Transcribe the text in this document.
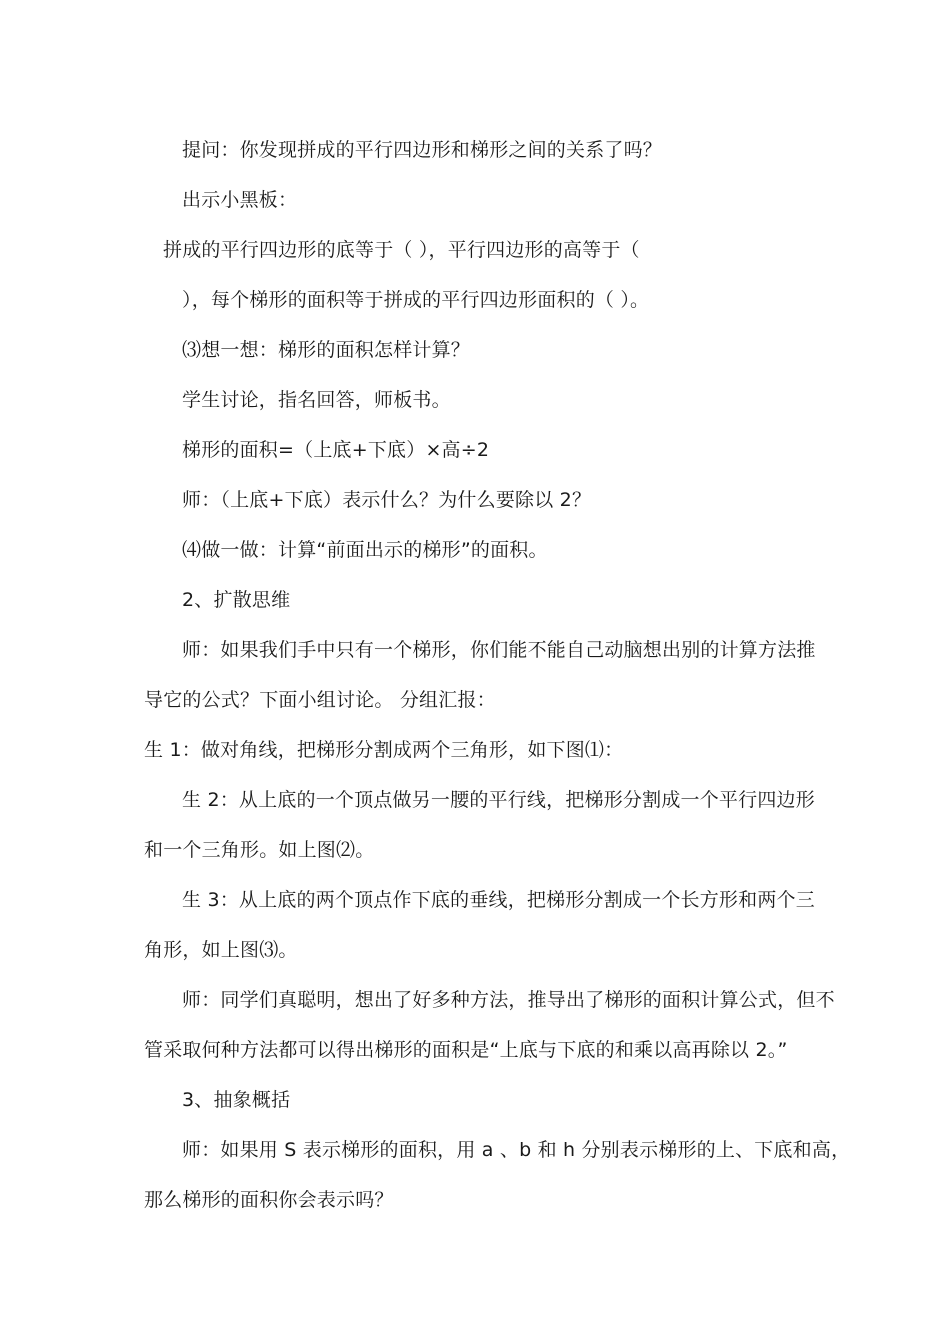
提问：你发现拼成的平行四边形和梯形之间的关系了吗？
出示小黑板：
拼成的平行四边形的底等于（ ），平行四边形的高等于（
），每个梯形的面积等于拼成的平行四边形面积的（ ）。
⑶想一想：梯形的面积怎样计算？
学生讨论，指名回答，师板书。
梯形的面积=（上底+下底）×高÷2
师：（上底+下底）表示什么？为什么要除以 2？
⑷做一做：计算“前面出示的梯形”的面积。
2、扩散思维
师：如果我们手中只有一个梯形，你们能不能自己动脑想出别的计算方法推
导它的公式？下面小组讨论。 分组汇报：
生 1：做对角线，把梯形分割成两个三角形，如下图⑴：
生 2：从上底的一个顶点做另一腰的平行线，把梯形分割成一个平行四边形
和一个三角形。如上图⑵。
生 3：从上底的两个顶点作下底的垂线，把梯形分割成一个长方形和两个三
角形，如上图⑶。
师：同学们真聪明，想出了好多种方法，推导出了梯形的面积计算公式，但不
管采取何种方法都可以得出梯形的面积是“上底与下底的和乘以高再除以 2。”
3、抽象概括
师：如果用 S 表示梯形的面积，用 a 、b 和 h 分别表示梯形的上、下底和高，
那么梯形的面积你会表示吗？
